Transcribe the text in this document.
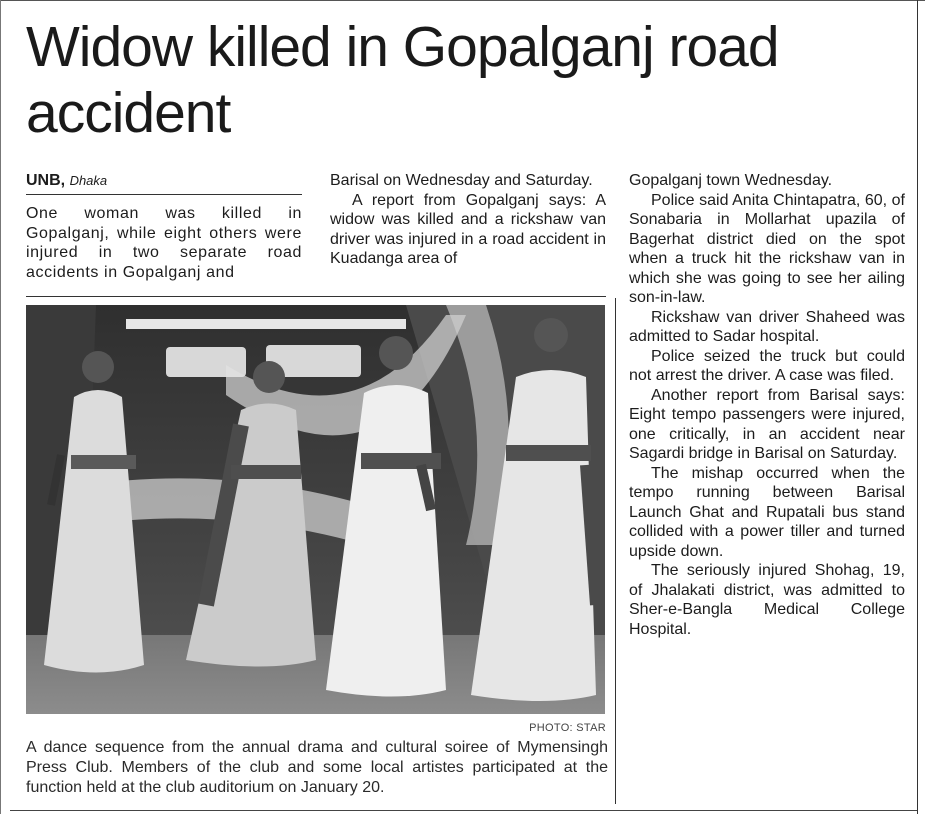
Widow killed in Gopalganj road accident
UNB, Dhaka

One woman was killed in Gopalganj, while eight others were injured in two separate road accidents in Gopalganj and

Barisal on Wednesday and Saturday.

A report from Gopalganj says: A widow was killed and a rickshaw van driver was injured in a road accident in Kuadanga area of

Gopalganj town Wednesday.

Police said Anita Chintapatra, 60, of Sonabaria in Mollarhat upazila of Bagerhat district died on the spot when a truck hit the rickshaw van in which she was going to see her ailing son-in-law.

Rickshaw van driver Shaheed was admitted to Sadar hospital.

Police seized the truck but could not arrest the driver. A case was filed.

Another report from Barisal says: Eight tempo passengers were injured, one critically, in an accident near Sagardi bridge in Barisal on Saturday.

The mishap occurred when the tempo running between Barisal Launch Ghat and Rupatali bus stand collided with a power tiller and turned upside down.

The seriously injured Shohag, 19, of Jhalakati district, was admitted to Sher-e-Bangla Medical College Hospital.

PHOTO: STAR

A dance sequence from the annual drama and cultural soiree of Mymensingh Press Club. Members of the club and some local artistes participated at the function held at the club auditorium on January 20.
